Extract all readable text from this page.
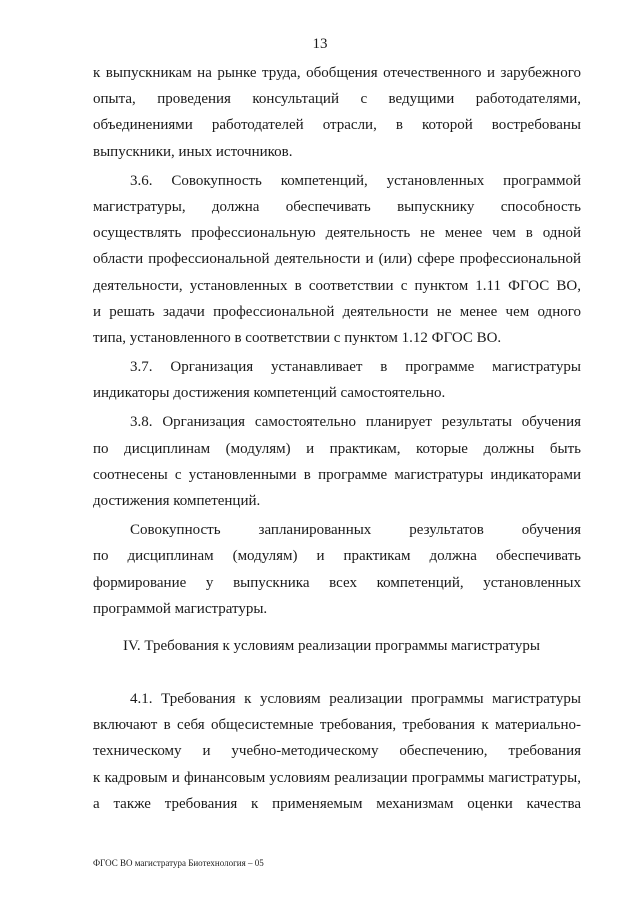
13
к выпускникам на рынке труда, обобщения отечественного и зарубежного
опыта, проведения консультаций с ведущими работодателями,
объединениями работодателей отрасли, в которой востребованы
выпускники, иных источников.
3.6. Совокупность компетенций, установленных программой
магистратуры, должна обеспечивать выпускнику способность
осуществлять профессиональную деятельность не менее чем в одной
области профессиональной деятельности и (или) сфере профессиональной
деятельности, установленных в соответствии с пунктом 1.11 ФГОС ВО,
и решать задачи профессиональной деятельности не менее чем одного
типа, установленного в соответствии с пунктом 1.12 ФГОС ВО.
3.7. Организация устанавливает в программе магистратуры
индикаторы достижения компетенций самостоятельно.
3.8. Организация самостоятельно планирует результаты обучения
по дисциплинам (модулям) и практикам, которые должны быть
соотнесены с установленными в программе магистратуры индикаторами
достижения компетенций.
Совокупность запланированных результатов обучения
по дисциплинам (модулям) и практикам должна обеспечивать
формирование у выпускника всех компетенций, установленных
программой магистратуры.
IV. Требования к условиям реализации программы магистратуры
4.1. Требования к условиям реализации программы магистратуры
включают в себя общесистемные требования, требования к материально-
техническому и учебно-методическому обеспечению, требования
к кадровым и финансовым условиям реализации программы магистратуры,
а также требования к применяемым механизмам оценки качества
ФГОС ВО магистратура Биотехнология – 05
